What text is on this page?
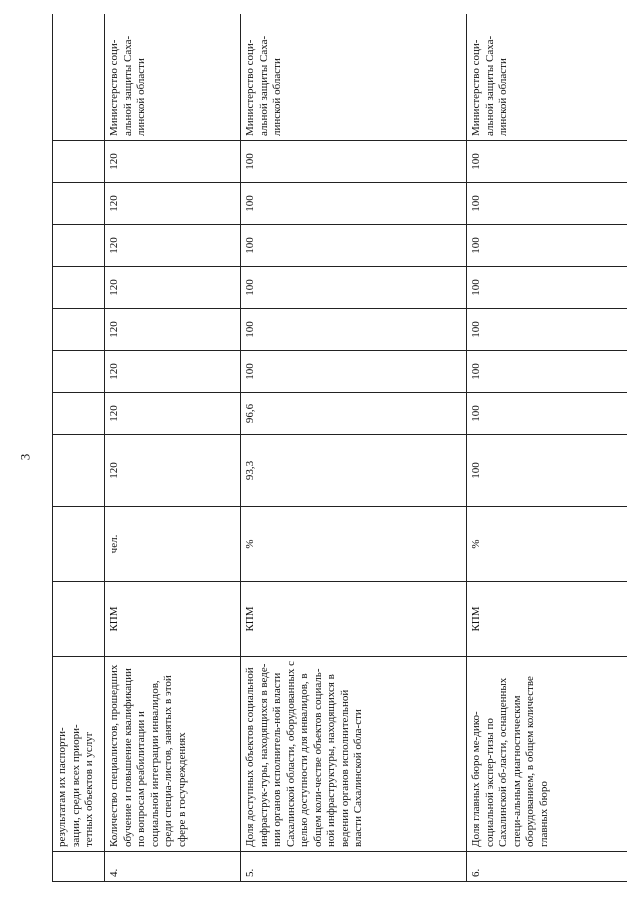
3
	результатам их паспорти-
зации, среди всех приори-
тетных объектов и услуг											
4.	Количество специалистов, прошедших обучение и повышение квалификации по вопросам реабилитации и социальной интеграции инвалидов, среди специа-листов, занятых в этой сфере в госучреждениях	КПМ	чел.	120	120	120	120	120	120	120	120	Министерство соци-альной защиты Саха-линской области
5.	Доля доступных объектов социальной инфраструк-туры, находящихся в веде-нии органов исполнитель-ной власти Сахалинской области, оборудованных с целью доступности для инвалидов, в общем коли-честве объектов социаль-ной инфраструктуры, находящихся в ведении органов исполнительной власти Сахалинской обла-сти	КПМ	%	93,3	96,6	100	100	100	100	100	100	Министерство соци-альной защиты Саха-линской области
6.	Доля главных бюро ме-дико-социальной экспер-тизы по Сахалинской об-ласти, оснащенных специ-альным диагностическим оборудованием, в общем количестве главных бюро	КПМ	%	100	100	100	100	100	100	100	100	Министерство соци-альной защиты Саха-линской области
